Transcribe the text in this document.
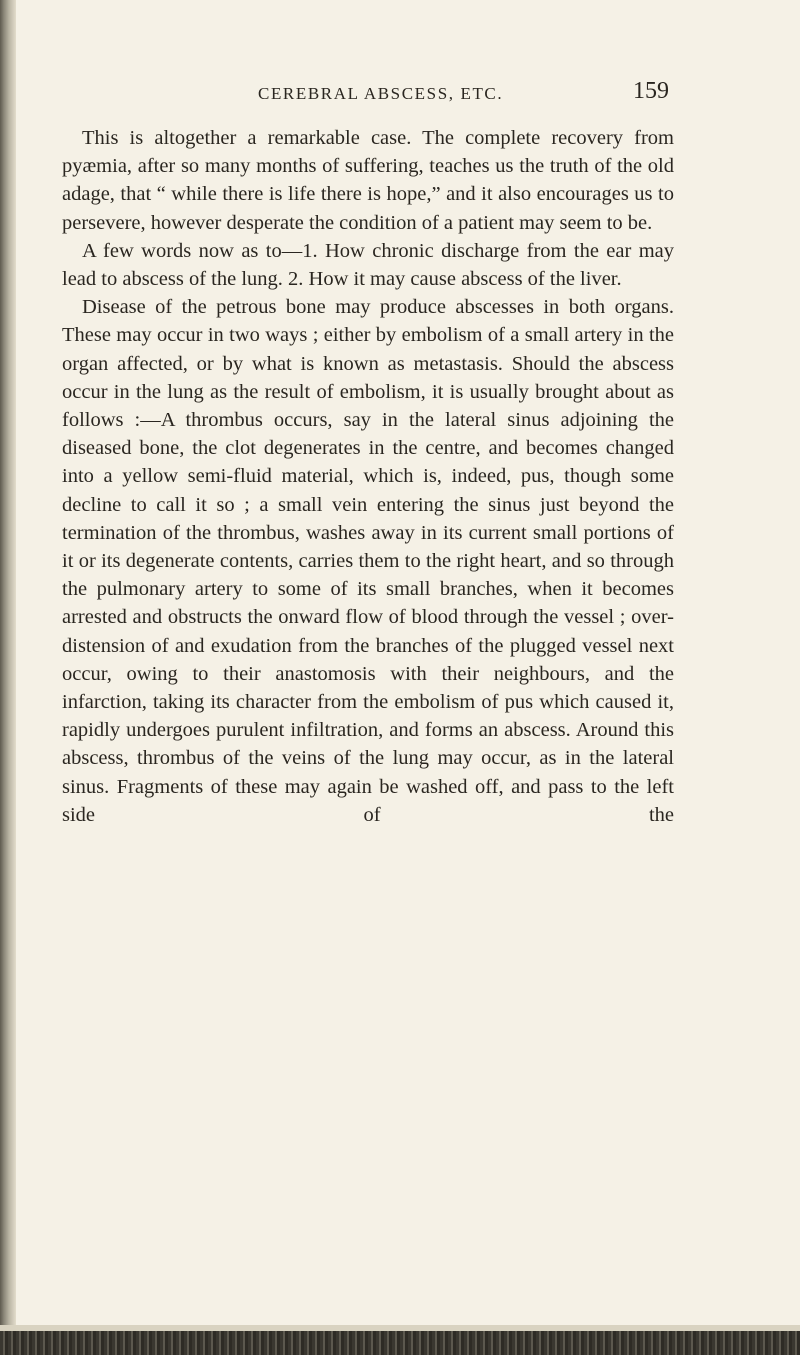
CEREBRAL ABSCESS, ETC.	159

This is altogether a remarkable case. The complete recovery from pyæmia, after so many months of suffering, teaches us the truth of the old adage, that “ while there is life there is hope,” and it also encourages us to persevere, however desperate the condition of a patient may seem to be.

A few words now as to—1. How chronic discharge from the ear may lead to abscess of the lung. 2. How it may cause abscess of the liver.

Disease of the petrous bone may produce abscesses in both organs. These may occur in two ways ; either by embolism of a small artery in the organ affected, or by what is known as metastasis. Should the abscess occur in the lung as the result of embolism, it is usually brought about as follows :—A thrombus occurs, say in the lateral sinus adjoining the diseased bone, the clot degenerates in the centre, and becomes changed into a yellow semi-fluid material, which is, indeed, pus, though some decline to call it so ; a small vein entering the sinus just beyond the termination of the thrombus, washes away in its current small portions of it or its degenerate contents, carries them to the right heart, and so through the pulmonary artery to some of its small branches, when it becomes arrested and obstructs the onward flow of blood through the vessel ; over-distension of and exudation from the branches of the plugged vessel next occur, owing to their anastomosis with their neighbours, and the infarction, taking its character from the embolism of pus which caused it, rapidly undergoes purulent infiltration, and forms an abscess. Around this abscess, thrombus of the veins of the lung may occur, as in the lateral sinus. Fragments of these may again be washed off, and pass to the left side of the
